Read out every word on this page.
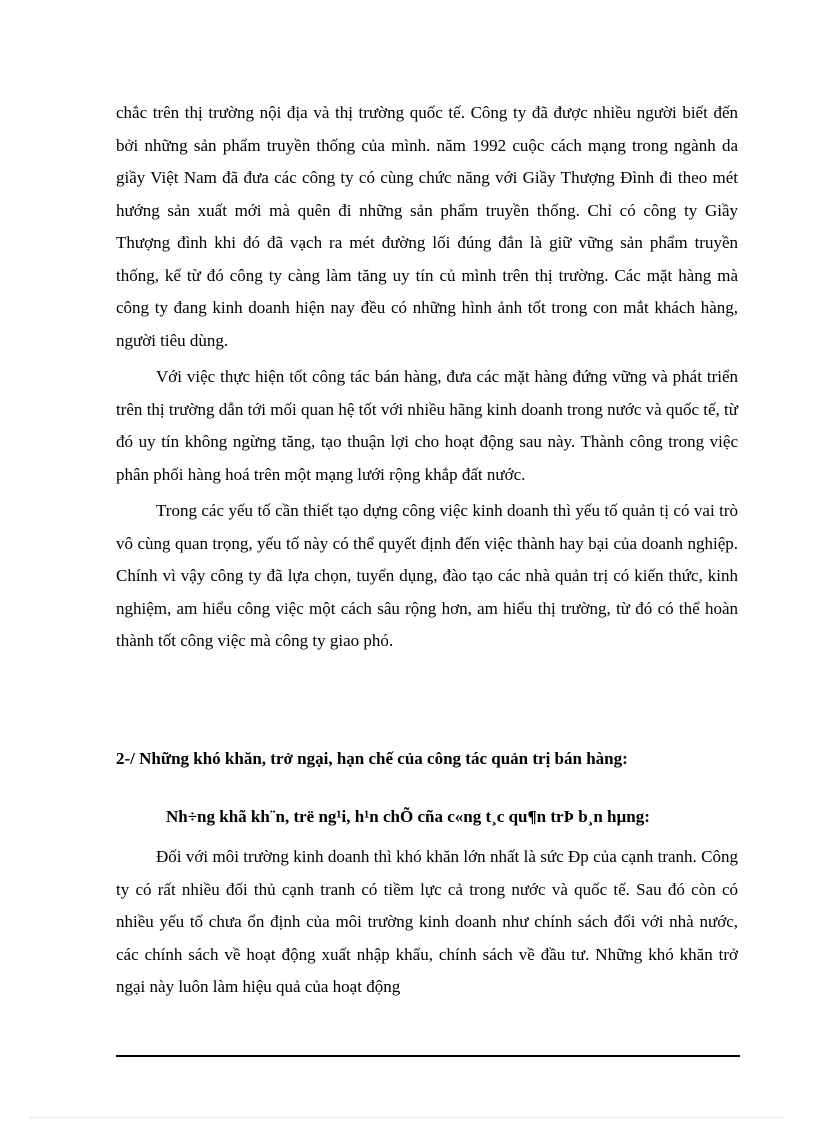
chắc trên thị trường nội địa và thị trường quốc tế. Công ty đã được nhiều người biết đến bởi những sản phẩm truyền thống của mình. năm 1992 cuộc cách mạng trong ngành da giầy Việt Nam đã đưa các công ty có cùng chức năng với Giầy Thượng Đình đi theo mét hướng sản xuất mới mà quên đi những sản phẩm truyền thống. Chỉ có công ty Giầy Thượng đình khi đó đã vạch ra mét đường lối đúng đắn là giữ vững sản phẩm truyền thống, kể từ đó công ty càng làm tăng uy tín củ mình trên thị trường. Các mặt hàng mà công ty đang kinh doanh hiện nay đều có những hình ảnh tốt trong con mắt khách hàng, người tiêu dùng.

Với việc thực hiện tốt công tác bán hàng, đưa các mặt hàng đứng vững và phát triển trên thị trường dẫn tới mối quan hệ tốt với nhiều hãng kinh doanh trong nước và quốc tế, từ đó uy tín không ngừng tăng, tạo thuận lợi cho hoạt động sau này. Thành công trong việc phân phối hàng hoá trên một mạng lưới rộng khắp đất nước.

Trong các yếu tố cần thiết tạo dựng công việc kinh doanh thì yếu tố quản tị có vai trò vô cùng quan trọng, yếu tố này có thể quyết định đến việc thành hay bại của doanh nghiệp. Chính vì vậy công ty đã lựa chọn, tuyển dụng, đào tạo các nhà quản trị có kiến thức, kinh nghiệm, am hiểu công việc một cách sâu rộng hơn, am hiểu thị trường, từ đó có thể hoàn thành tốt công việc mà công ty giao phó.

2-/ Những khó khăn, trở ngại, hạn chế của công tác quản trị bán hàng:
Nh÷ng khã kh¨n, trë ng¹i, h¹n chÕ cña c«ng t¸c qu¶n trÞ b¸n hµng:

Đối với môi trường kinh doanh thì khó khăn lớn nhất là sức Đp của cạnh tranh. Công ty có rất nhiều đối thủ cạnh tranh có tiềm lực cả trong nước và quốc tế. Sau đó còn có nhiều yếu tố chưa ổn định của môi trường kinh doanh như chính sách đối với nhà nước, các chính sách về hoạt động xuất nhập khẩu, chính sách về đầu tư. Những khó khăn trở ngại này luôn làm hiệu quả của hoạt động
